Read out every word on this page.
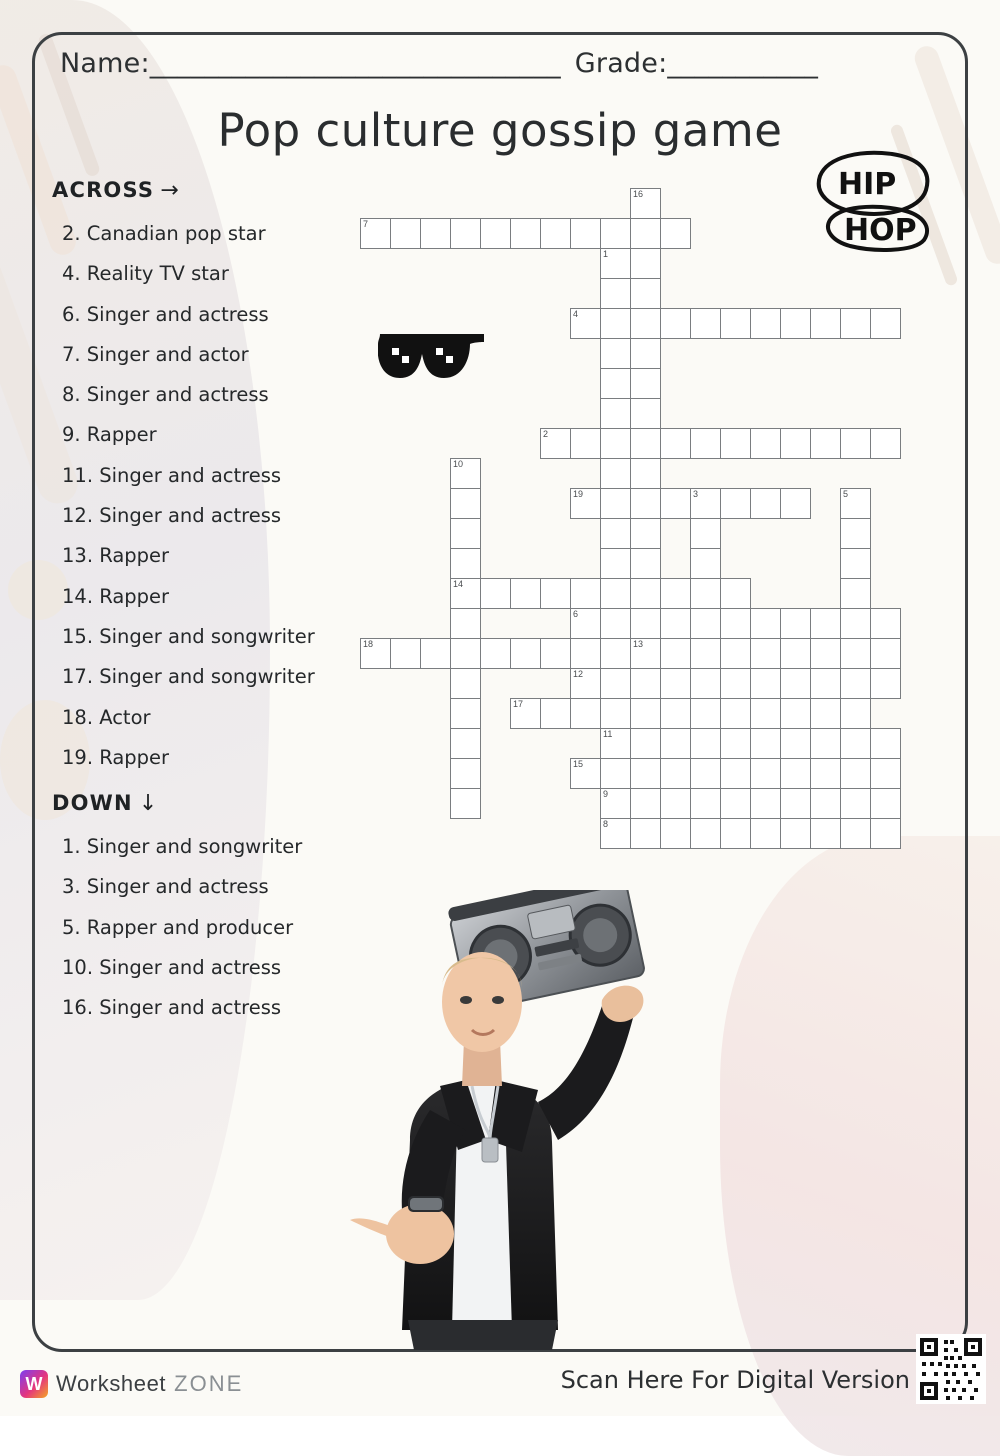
Name:______________________________ Grade:___________
Pop culture gossip game
ACROSS →
2. Canadian pop star
4. Reality TV star
6. Singer and actress
7. Singer and actor
8. Singer and actress
9. Rapper
11. Singer and actress
12. Singer and actress
13. Rapper
14. Rapper
15. Singer and songwriter
17. Singer and songwriter
18. Actor
19. Rapper
DOWN ↓
1. Singer and songwriter
3. Singer and actress
5. Rapper and producer
10. Singer and actress
16. Singer and actress
16
13
7
1
11
9
8
4
2
10
14
19	3	5
6
18
12
17
15
HIP
HOP
W
Worksheet ZONE	Scan Here For Digital Version
